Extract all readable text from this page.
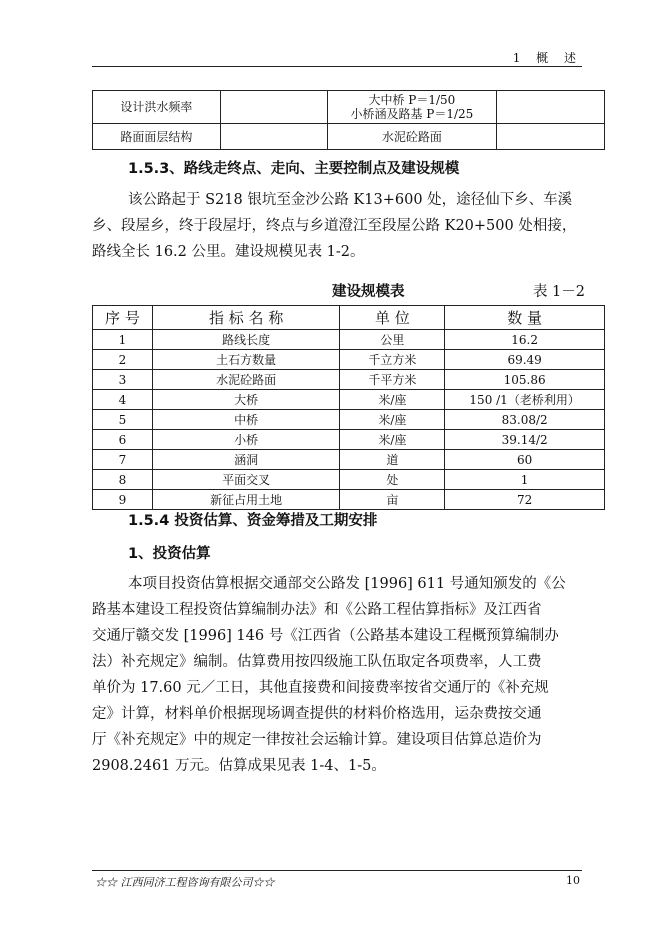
1 概 述
设计洪水频率		大中桥 P＝1/50
小桥涵及路基 P＝1/25	

路面面层结构		水泥砼路面	
1.5.3、路线走终点、走向、主要控制点及建设规模

该公路起于 S218 银坑至金沙公路 K13+600 处，途径仙下乡、车溪

乡、段屋乡，终于段屋圩，终点与乡道澄江至段屋公路 K20+500 处相接，

路线全长 16.2 公里。建设规模见表 1-2。

建设规模表	表 1－2
序 号	指 标 名 称	单 位	数 量
1	路线长度	公里	16.2
2	土石方数量	千立方米	69.49
3	水泥砼路面	千平方米	105.86
4	大桥	米/座	150 /1（老桥利用）
5	中桥	米/座	83.08/2
6	小桥	米/座	39.14/2
7	涵洞	道	60
8	平面交叉	处	1
9	新征占用土地	亩	72
1.5.4 投资估算、资金筹措及工期安排
1、投资估算

本项目投资估算根据交通部交公路发 [1996] 611 号通知颁发的《公

路基本建设工程投资估算编制办法》和《公路工程估算指标》及江西省

交通厅赣交发 [1996] 146 号《江西省（公路基本建设工程概预算编制办

法）补充规定》编制。估算费用按四级施工队伍取定各项费率，人工费

单价为 17.60 元／工日，其他直接费和间接费率按省交通厅的《补充规

定》计算，材料单价根据现场调查提供的材料价格选用，运杂费按交通

厅《补充规定》中的规定一律按社会运输计算。建设项目估算总造价为

2908.2461 万元。估算成果见表 1-4、1-5。

☆☆ 江西同济工程咨询有限公司☆☆	10
